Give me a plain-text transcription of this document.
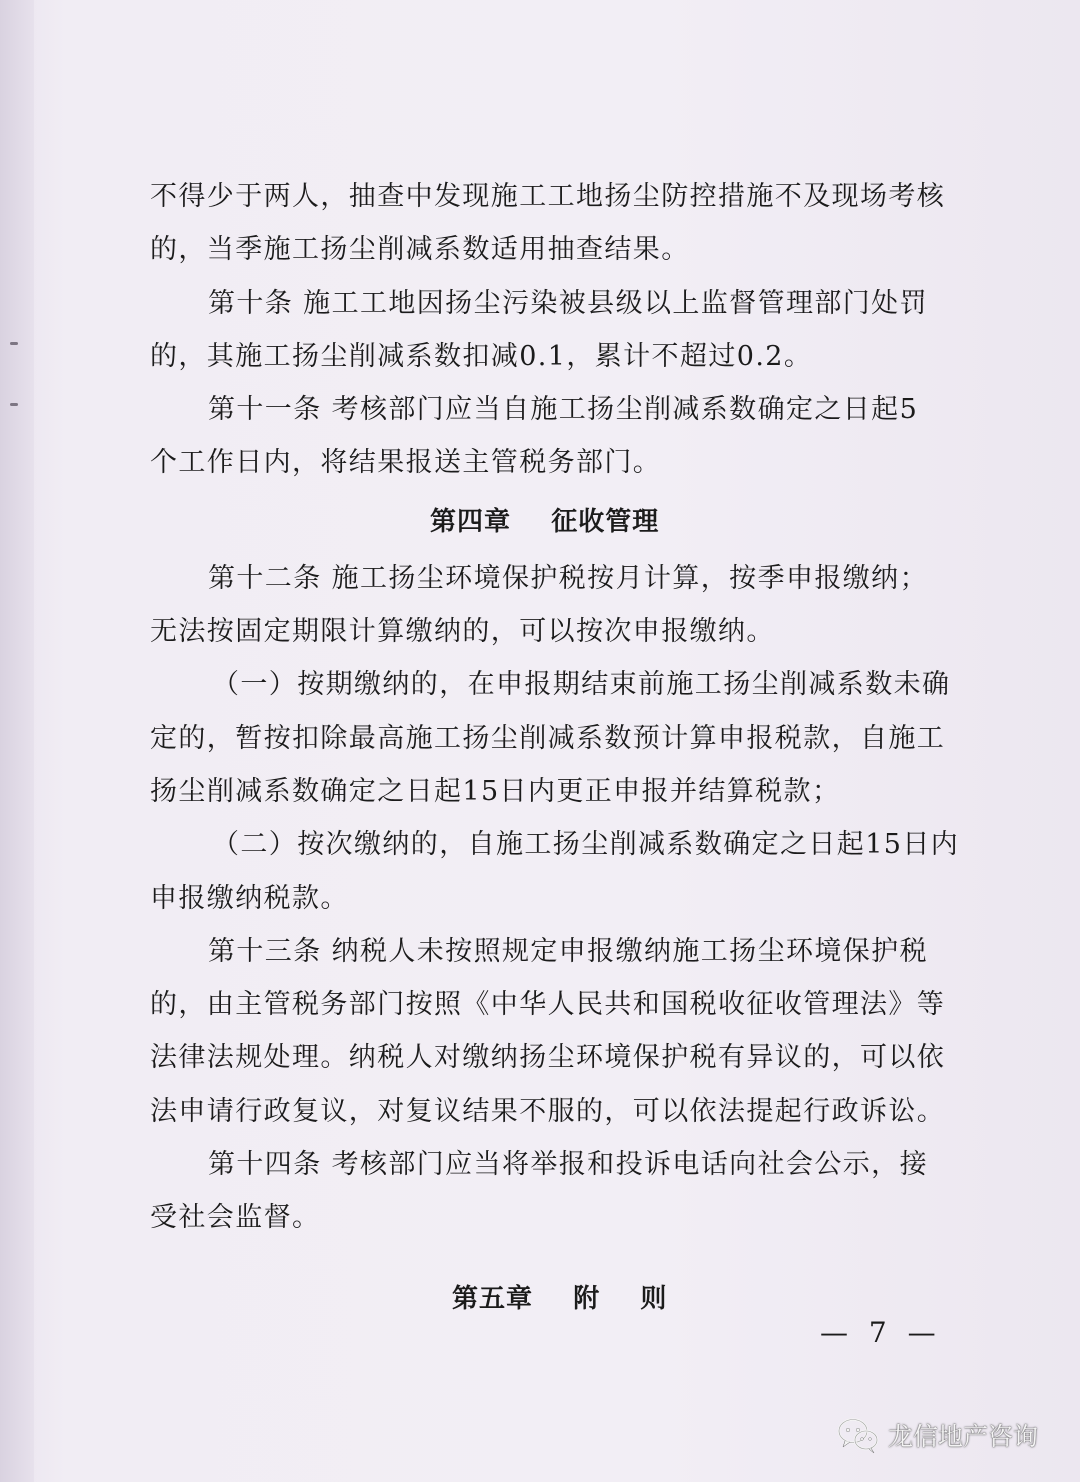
不得少于两人，抽查中发现施工工地扬尘防控措施不及现场考核

的，当季施工扬尘削减系数适用抽查结果。

第十条 施工工地因扬尘污染被县级以上监督管理部门处罚

的，其施工扬尘削减系数扣减0.1，累计不超过0.2。

第十一条 考核部门应当自施工扬尘削减系数确定之日起5

个工作日内，将结果报送主管税务部门。

第四章    征收管理

第十二条 施工扬尘环境保护税按月计算，按季申报缴纳；

无法按固定期限计算缴纳的，可以按次申报缴纳。

（一）按期缴纳的，在申报期结束前施工扬尘削减系数未确

定的，暂按扣除最高施工扬尘削减系数预计算申报税款，自施工

扬尘削减系数确定之日起15日内更正申报并结算税款；

（二）按次缴纳的，自施工扬尘削减系数确定之日起15日内

申报缴纳税款。

第十三条 纳税人未按照规定申报缴纳施工扬尘环境保护税

的，由主管税务部门按照《中华人民共和国税收征收管理法》等

法律法规处理。纳税人对缴纳扬尘环境保护税有异议的，可以依

法申请行政复议，对复议结果不服的，可以依法提起行政诉讼。

第十四条 考核部门应当将举报和投诉电话向社会公示，接

受社会监督。

第五章    附    则
— 7 —
龙信地产咨询
